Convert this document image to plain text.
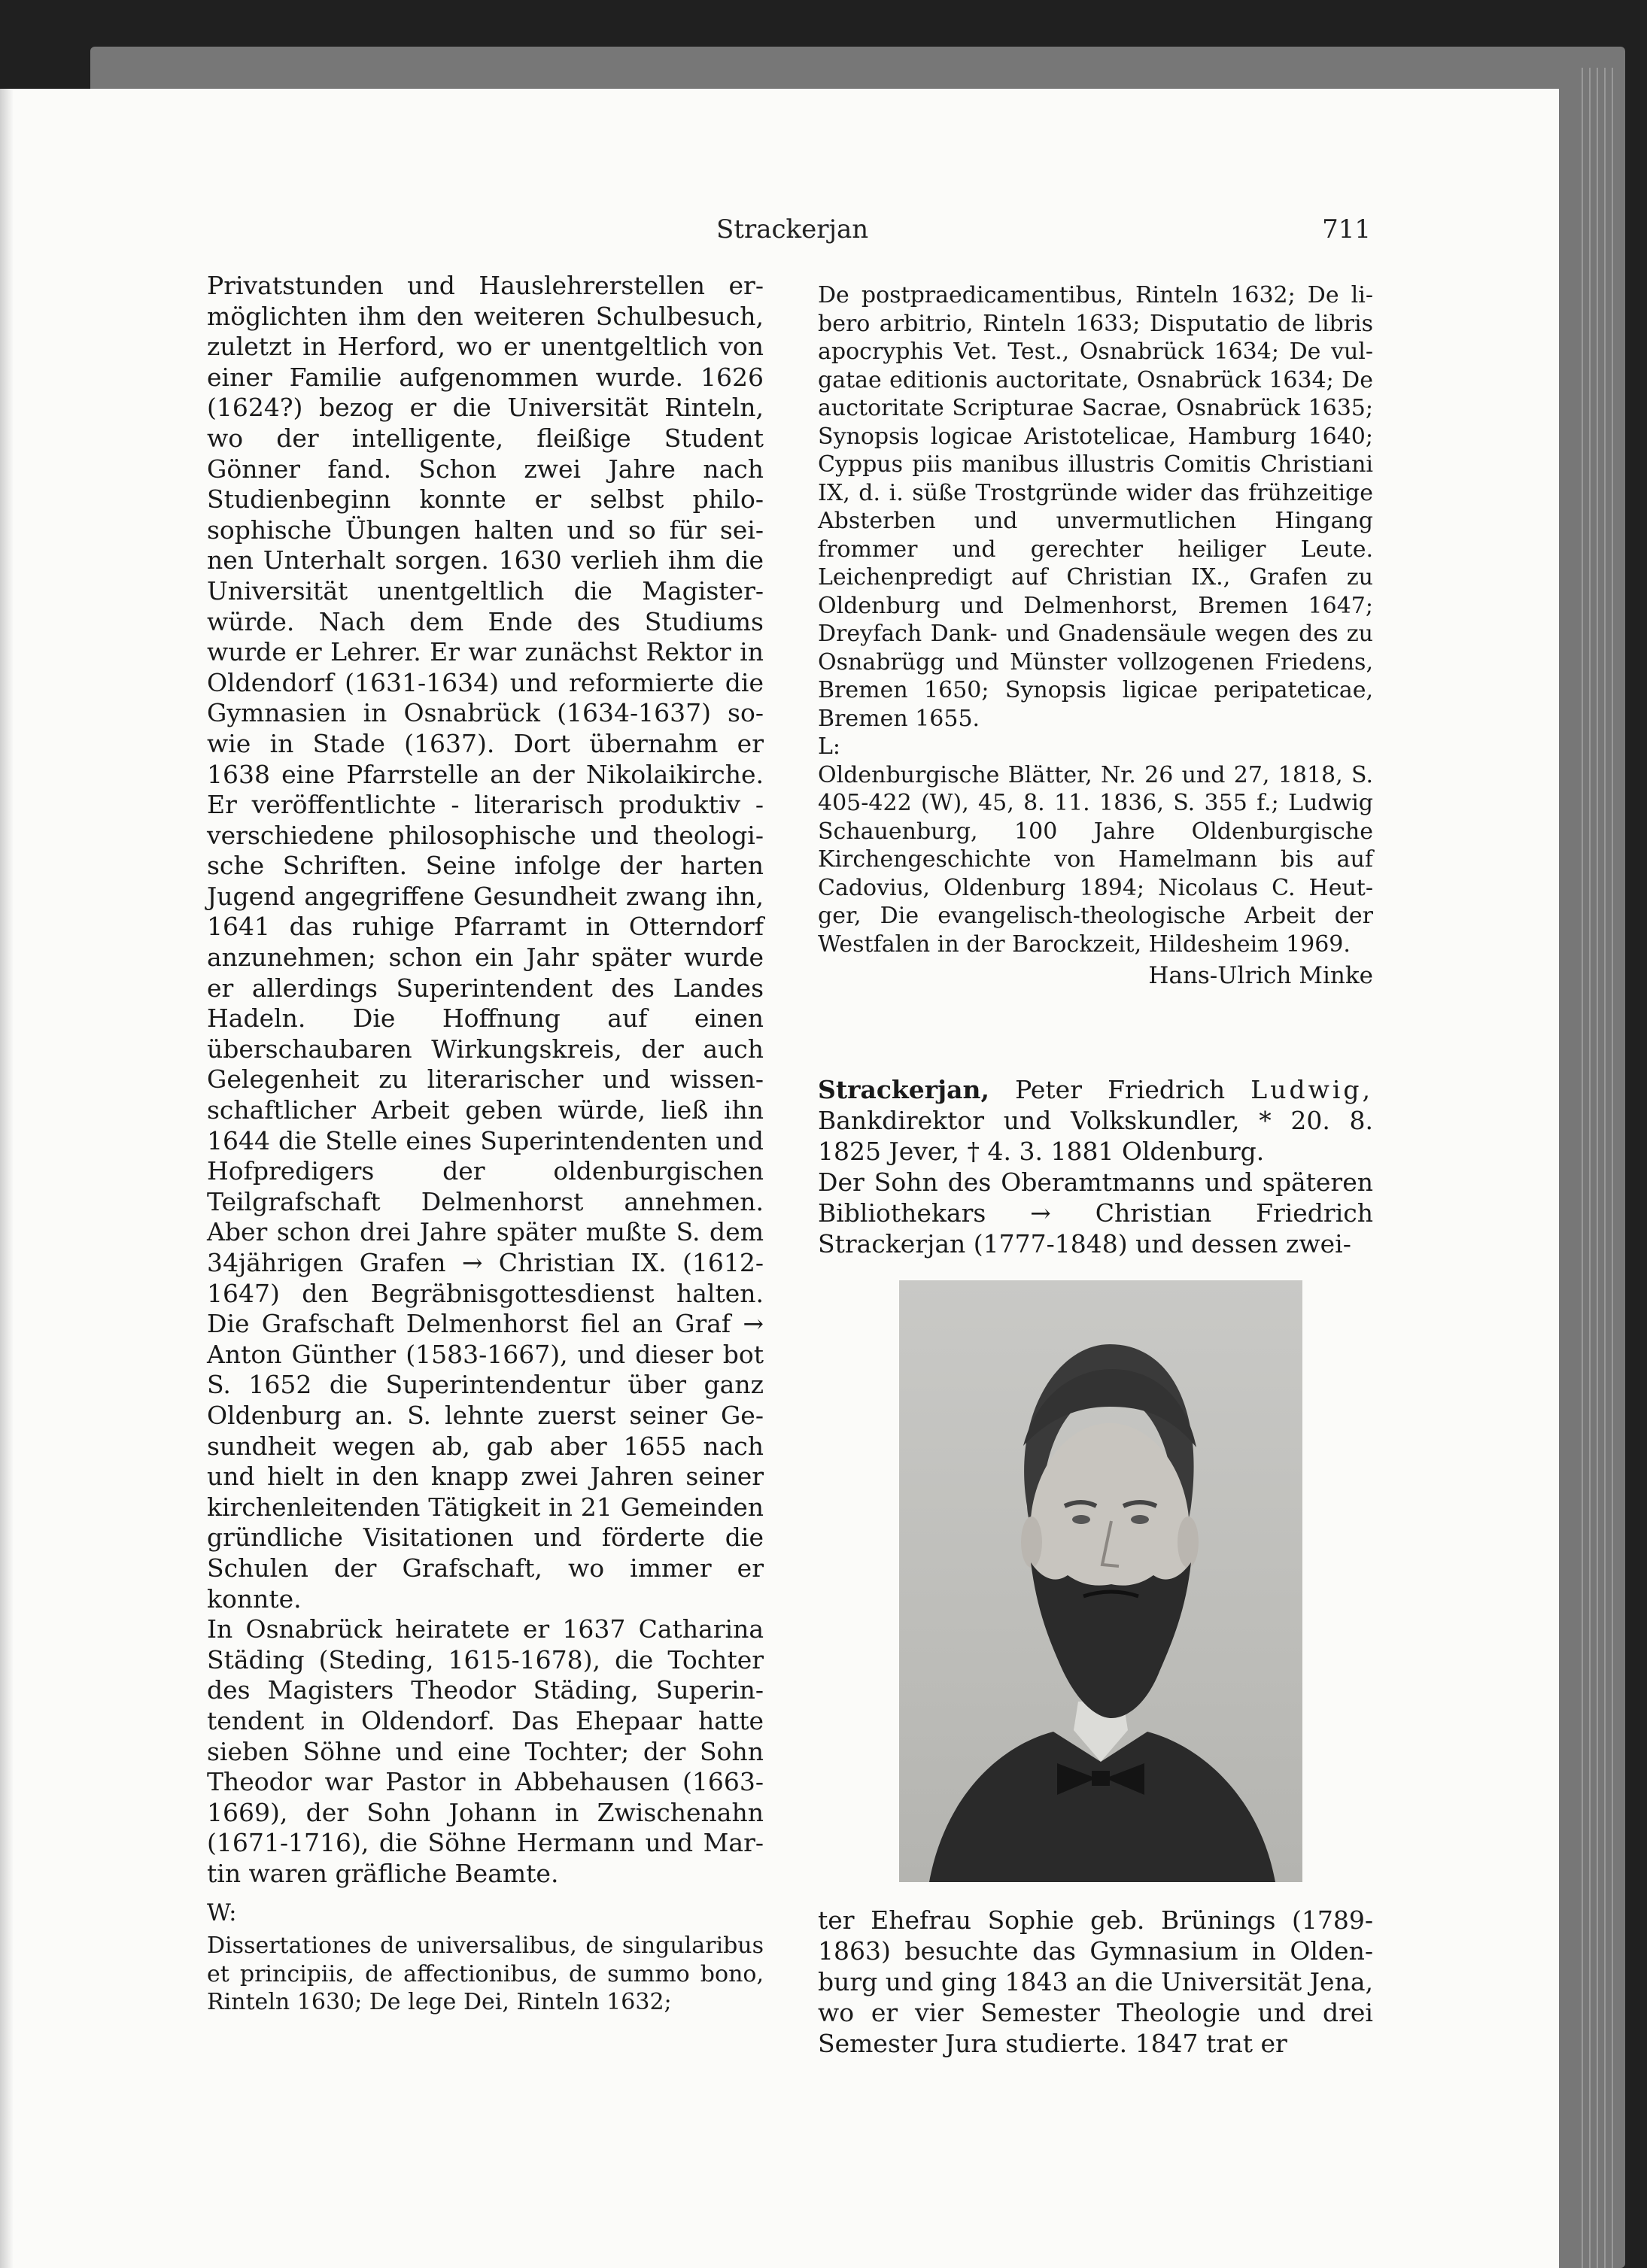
Strackerjan	711

Privatstunden und Hauslehrerstellen ermöglichten ihm den weiteren Schulbesuch, zuletzt in Herford, wo er unentgeltlich von einer Familie aufgenommen wurde. 1626 (1624?) bezog er die Universität Rinteln, wo der intelligente, fleißige Student Gönner fand. Schon zwei Jahre nach Studienbeginn konnte er selbst philosophische Übungen halten und so für seinen Unterhalt sorgen. 1630 verlieh ihm die Universität unentgeltlich die Magisterwürde. Nach dem Ende des Studiums wurde er Lehrer. Er war zunächst Rektor in Oldendorf (1631-1634) und reformierte die Gymnasien in Osnabrück (1634-1637) sowie in Stade (1637). Dort übernahm er 1638 eine Pfarrstelle an der Nikolaikirche. Er veröffentlichte - literarisch produktiv - verschiedene philosophische und theologische Schriften. Seine infolge der harten Jugend angegriffene Gesundheit zwang ihn, 1641 das ruhige Pfarramt in Otterndorf anzunehmen; schon ein Jahr später wurde er allerdings Superintendent des Landes Hadeln. Die Hoffnung auf einen überschaubaren Wirkungskreis, der auch Gelegenheit zu literarischer und wissenschaftlicher Arbeit geben würde, ließ ihn 1644 die Stelle eines Superintendenten und Hofpredigers der oldenburgischen Teilgrafschaft Delmenhorst annehmen. Aber schon drei Jahre später mußte S. dem 34jährigen Grafen → Christian IX. (1612-1647) den Begräbnisgottesdienst halten. Die Grafschaft Delmenhorst fiel an Graf → Anton Günther (1583-1667), und dieser bot S. 1652 die Superintendentur über ganz Oldenburg an. S. lehnte zuerst seiner Gesundheit wegen ab, gab aber 1655 nach und hielt in den knapp zwei Jahren seiner kirchenleitenden Tätigkeit in 21 Gemeinden gründliche Visitationen und förderte die Schulen der Grafschaft, wo immer er konnte.

In Osnabrück heiratete er 1637 Catharina Städing (Steding, 1615-1678), die Tochter des Magisters Theodor Städing, Superintendent in Oldendorf. Das Ehepaar hatte sieben Söhne und eine Tochter; der Sohn Theodor war Pastor in Abbehausen (1663-1669), der Sohn Johann in Zwischenahn (1671-1716), die Söhne Hermann und Martin waren gräfliche Beamte.

W:

Dissertationes de universalibus, de singularibus et principiis, de affectionibus, de summo bono, Rinteln 1630; De lege Dei, Rinteln 1632;

De postpraedicamentibus, Rinteln 1632; De libero arbitrio, Rinteln 1633; Disputatio de libris apocryphis Vet. Test., Osnabrück 1634; De vulgatae editionis auctoritate, Osnabrück 1634; De auctoritate Scripturae Sacrae, Osnabrück 1635; Synopsis logicae Aristotelicae, Hamburg 1640; Cyppus piis manibus illustris Comitis Christiani IX, d. i. süße Trostgründe wider das frühzeitige Absterben und unvermutlichen Hingang frommer und gerechter heiliger Leute. Leichenpredigt auf Christian IX., Grafen zu Oldenburg und Delmenhorst, Bremen 1647; Dreyfach Dank- und Gnadensäule wegen des zu Osnabrügg und Münster vollzogenen Friedens, Bremen 1650; Synopsis ligicae peripateticae, Bremen 1655.

L:

Oldenburgische Blätter, Nr. 26 und 27, 1818, S. 405-422 (W), 45, 8. 11. 1836, S. 355 f.; Ludwig Schauenburg, 100 Jahre Oldenburgische Kirchengeschichte von Hamelmann bis auf Cadovius, Oldenburg 1894; Nicolaus C. Heutger, Die evangelisch-theologische Arbeit der Westfalen in der Barockzeit, Hildesheim 1969.

Hans-Ulrich Minke

Strackerjan, Peter Friedrich Ludwig, Bankdirektor und Volkskundler, * 20. 8. 1825 Jever, † 4. 3. 1881 Oldenburg.

Der Sohn des Oberamtmanns und späteren Bibliothekars → Christian Friedrich Strackerjan (1777-1848) und dessen zwei-

ter Ehefrau Sophie geb. Brünings (1789-1863) besuchte das Gymnasium in Oldenburg und ging 1843 an die Universität Jena, wo er vier Semester Theologie und drei Semester Jura studierte. 1847 trat er
